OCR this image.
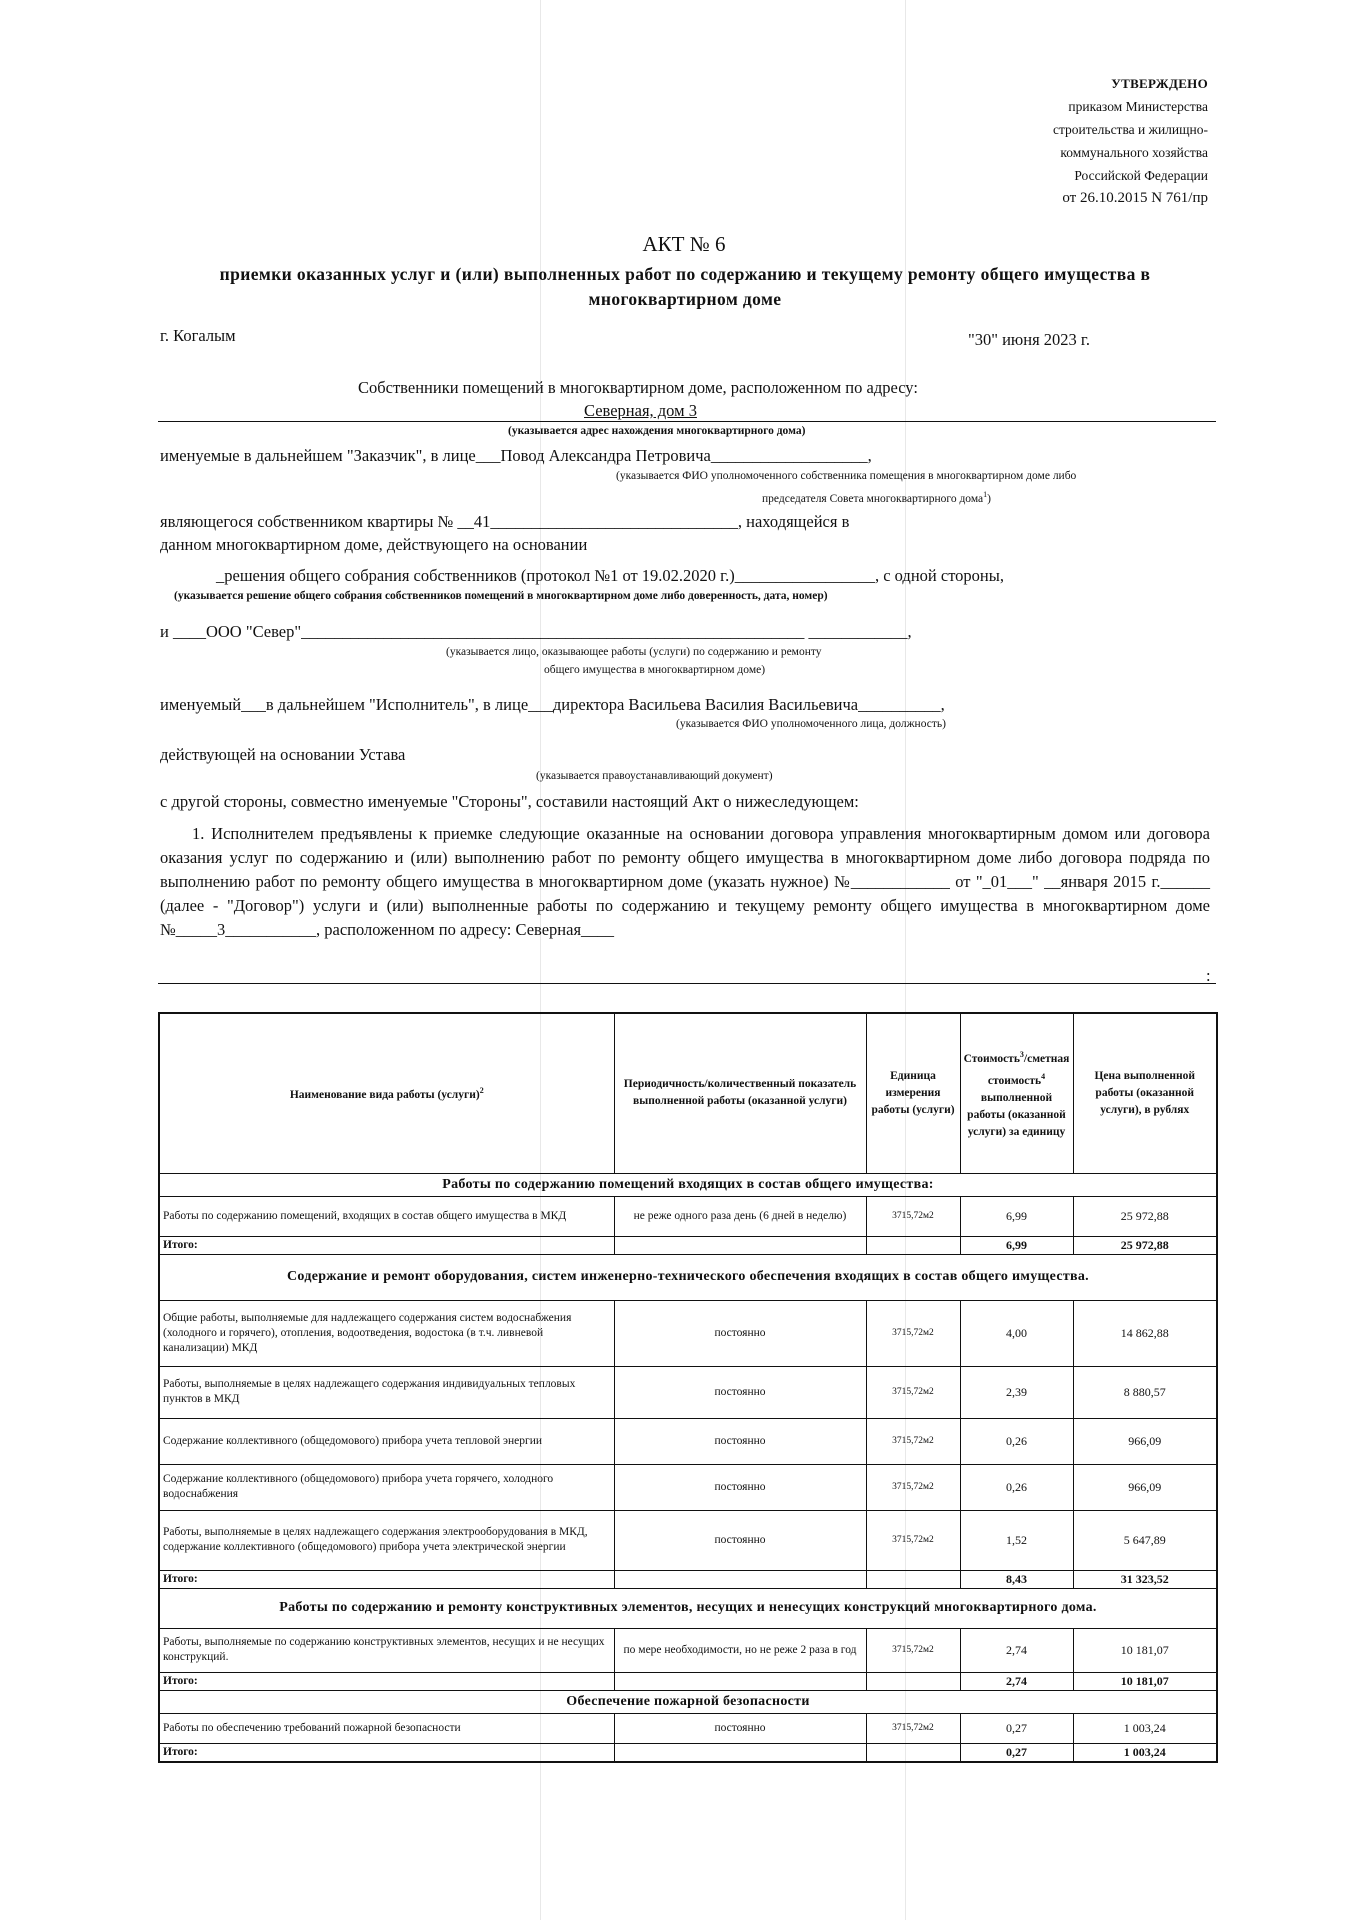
УТВЕРЖДЕНО
приказом Министерства
строительства и жилищно-
коммунального хозяйства
Российской Федерации
от 26.10.2015 N 761/пр
АКТ № 6
приемки оказанных услуг и (или) выполненных работ по содержанию и текущему ремонту общего имущества в многоквартирном доме
г. Когалым	"30" июня 2023 г.
Собственники помещений в многоквартирном доме, расположенном по адресу:
Северная, дом 3
(указывается адрес нахождения многоквартирного дома)
именуемые в дальнейшем "Заказчик", в лице___Повод Александра Петровича___________________,
(указывается ФИО уполномоченного собственника помещения в многоквартирном доме либо
председателя Совета многоквартирного дома$^1$)
являющегося собственником квартиры № __41______________________________, находящейся в
данном многоквартирном доме, действующего на основании
_решения общего собрания собственников (протокол №1 от 19.02.2020 г.)_________________, с одной стороны,
(указывается решение общего собрания собственников помещений в многоквартирном доме либо доверенность, дата, номер)
и ____ООО "Север"_____________________________________________________________ ____________,
(указывается лицо, оказывающее работы (услуги) по содержанию и ремонту
общего имущества в многоквартирном доме)
именуемый___в дальнейшем "Исполнитель", в лице___директора Васильева Василия Васильевича__________,
(указывается ФИО уполномоченного лица, должность)
действующей на основании Устава
(указывается правоустанавливающий документ)
с другой стороны, совместно именуемые "Стороны", составили настоящий Акт о нижеследующем:
1. Исполнителем предъявлены к приемке следующие оказанные на основании договора управления многоквартирным домом или договора оказания услуг по содержанию и (или) выполнению работ по ремонту общего имущества в многоквартирном доме либо договора подряда по выполнению работ по ремонту общего имущества в многоквартирном доме (указать нужное) №____________ от "_01___" __января 2015 г.______ (далее - "Договор") услуги и (или) выполненные работы по содержанию и текущему ремонту общего имущества в многоквартирном доме №_____3___________, расположенном по адресу: Северная____
:
Наименование вида работы (услуги)$^2$	Периодичность/количественный показатель выполненной работы (оказанной услуги)	Единица измерения работы (услуги)	Стоимость$^3$/сметная стоимость$^4$ выполненной работы (оказанной услуги) за единицу	Цена выполненной работы (оказанной услуги), в рублях
Работы по содержанию помещений входящих в состав общего имущества:				
Работы по содержанию помещений, входящих в состав общего имущества в МКД	не реже одного раза день (6 дней в неделю)	3715,72м2	6,99	25 972,88
Итого:			6,99	25 972,88
Содержание и ремонт оборудования, систем инженерно-технического обеспечения входящих в состав общего имущества.				
Общие работы, выполняемые для надлежащего содержания систем водоснабжения (холодного и горячего), отопления, водоотведения, водостока (в т.ч. ливневой канализации) МКД	постоянно	3715,72м2	4,00	14 862,88
Работы, выполняемые в целях надлежащего содержания индивидуальных тепловых пунктов в МКД	постоянно	3715,72м2	2,39	8 880,57
Содержание коллективного (общедомового) прибора учета тепловой энергии	постоянно	3715,72м2	0,26	966,09
Содержание коллективного (общедомового) прибора учета горячего, холодного водоснабжения	постоянно	3715,72м2	0,26	966,09
Работы, выполняемые в целях надлежащего содержания электрооборудования в МКД, содержание коллективного (общедомового) прибора учета электрической энергии	постоянно	3715,72м2	1,52	5 647,89
Итого:			8,43	31 323,52
Работы по содержанию и ремонту конструктивных элементов, несущих и ненесущих конструкций многоквартирного дома.				
Работы, выполняемые по содержанию конструктивных элементов, несущих и не несущих конструкций.	по мере необходимости, но не реже 2 раза в год	3715,72м2	2,74	10 181,07
Итого:			2,74	10 181,07
Обеспечение пожарной безопасности				
Работы по обеспечению требований пожарной безопасности	постоянно	3715,72м2	0,27	1 003,24
Итого:			0,27	1 003,24
